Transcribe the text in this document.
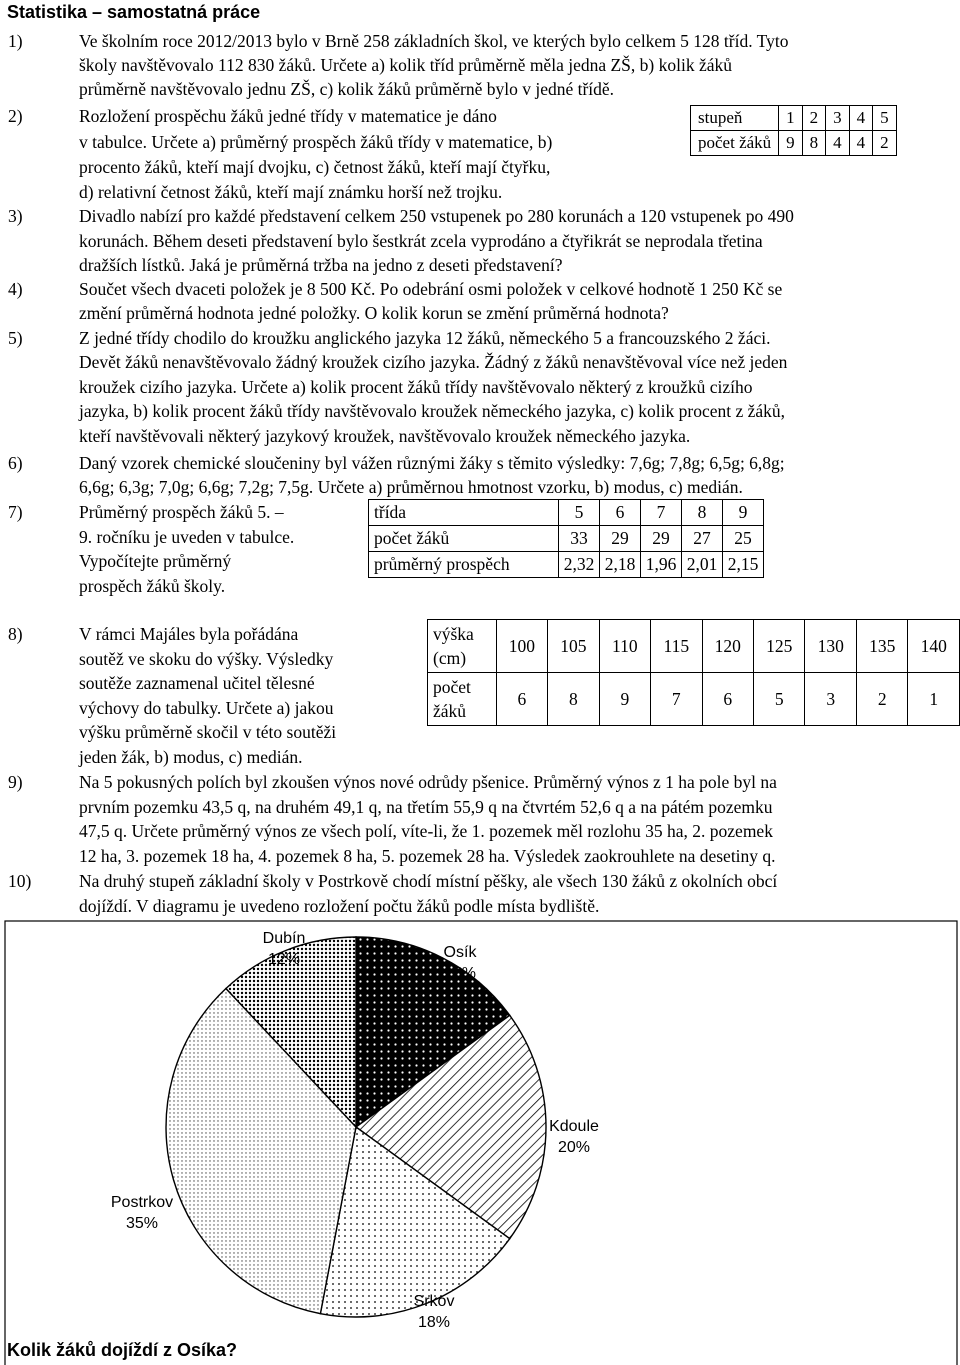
Statistika – samostatná práce
1)	Ve školním roce 2012/2013 bylo v Brně 258 základních škol, ve kterých bylo celkem 5 128 tříd. Tyto
školy navštěvovalo 112 830 žáků. Určete a) kolik tříd průměrně měla jedna ZŠ, b) kolik žáků
průměrně navštěvovalo jednu ZŠ, c) kolik žáků průměrně bylo v jedné třídě.
2)	Rozložení prospěchu žáků jedné třídy v matematice je dáno
v tabulce. Určete a) průměrný prospěch žáků třídy v matematice, b)
procento žáků, kteří mají dvojku, c) četnost žáků, kteří mají čtyřku,
d) relativní četnost žáků, kteří mají známku horší než trojku.
stupeň	1	2	3	4	5
počet žáků	9	8	4	4	2
3)	Divadlo nabízí pro každé představení celkem 250 vstupenek po 280 korunách a 120 vstupenek po 490
korunách. Během deseti představení bylo šestkrát zcela vyprodáno a čtyřikrát se neprodala třetina
dražších lístků. Jaká je průměrná tržba na jedno z deseti představení?
4)	Součet všech dvaceti položek je 8 500 Kč. Po odebrání osmi položek v celkové hodnotě 1 250 Kč se
změní průměrná hodnota jedné položky. O kolik korun se změní průměrná hodnota?
5)	Z jedné třídy chodilo do kroužku anglického jazyka 12 žáků, německého 5 a francouzského 2 žáci.
Devět žáků nenavštěvovalo žádný kroužek cizího jazyka. Žádný z žáků nenavštěvoval více než jeden
kroužek cizího jazyka. Určete a) kolik procent žáků třídy navštěvovalo některý z kroužků cizího
jazyka, b) kolik procent žáků třídy navštěvovalo kroužek německého jazyka, c) kolik procent z žáků,
kteří navštěvovali některý jazykový kroužek, navštěvovalo kroužek německého jazyka.
6)	Daný vzorek chemické sloučeniny byl vážen různými žáky s těmito výsledky: 7,6g; 7,8g; 6,5g; 6,8g;
6,6g; 6,3g; 7,0g; 6,6g; 7,2g; 7,5g. Určete a) průměrnou hmotnost vzorku, b) modus, c) medián.
7)	Průměrný prospěch žáků 5. –
9. ročníku je uveden v tabulce.
Vypočítejte průměrný
prospěch žáků školy.
třída	5	6	7	8	9
počet žáků	33	29	29	27	25
průměrný prospěch	2,32	2,18	1,96	2,01	2,15
8)	V rámci Majáles byla pořádána
soutěž ve skoku do výšky. Výsledky
soutěže zaznamenal učitel tělesné
výchovy do tabulky. Určete a) jakou
výšku průměrně skočil v této soutěži
jeden žák, b) modus, c) medián.
výška
(cm)	100	105	110	115	120	125	130	135	140
počet
žáků	6	8	9	7	6	5	3	2	1
9)	Na 5 pokusných polích byl zkoušen výnos nové odrůdy pšenice. Průměrný výnos z 1 ha pole byl na
prvním pozemku 43,5 q, na druhém 49,1 q, na třetím 55,9 q na čtvrtém 52,6 q a na pátém pozemku
47,5 q. Určete průměrný výnos ze všech polí, víte-li, že 1. pozemek měl rozlohu 35 ha, 2. pozemek
12 ha, 3. pozemek 18 ha, 4. pozemek 8 ha, 5. pozemek 28 ha. Výsledek zaokrouhlete na desetiny q.
10)	Na druhý stupeň základní školy v Postrkově chodí místní pěšky, ale všech 130 žáků z okolních obcí
dojíždí. V diagramu je uvedeno rozložení počtu žáků podle místa bydliště.
Dubín
12%	Osík
15%
Kdoule
20%
Postrkov
35%
Srkov
18%
Kolik žáků dojíždí z Osíka?
